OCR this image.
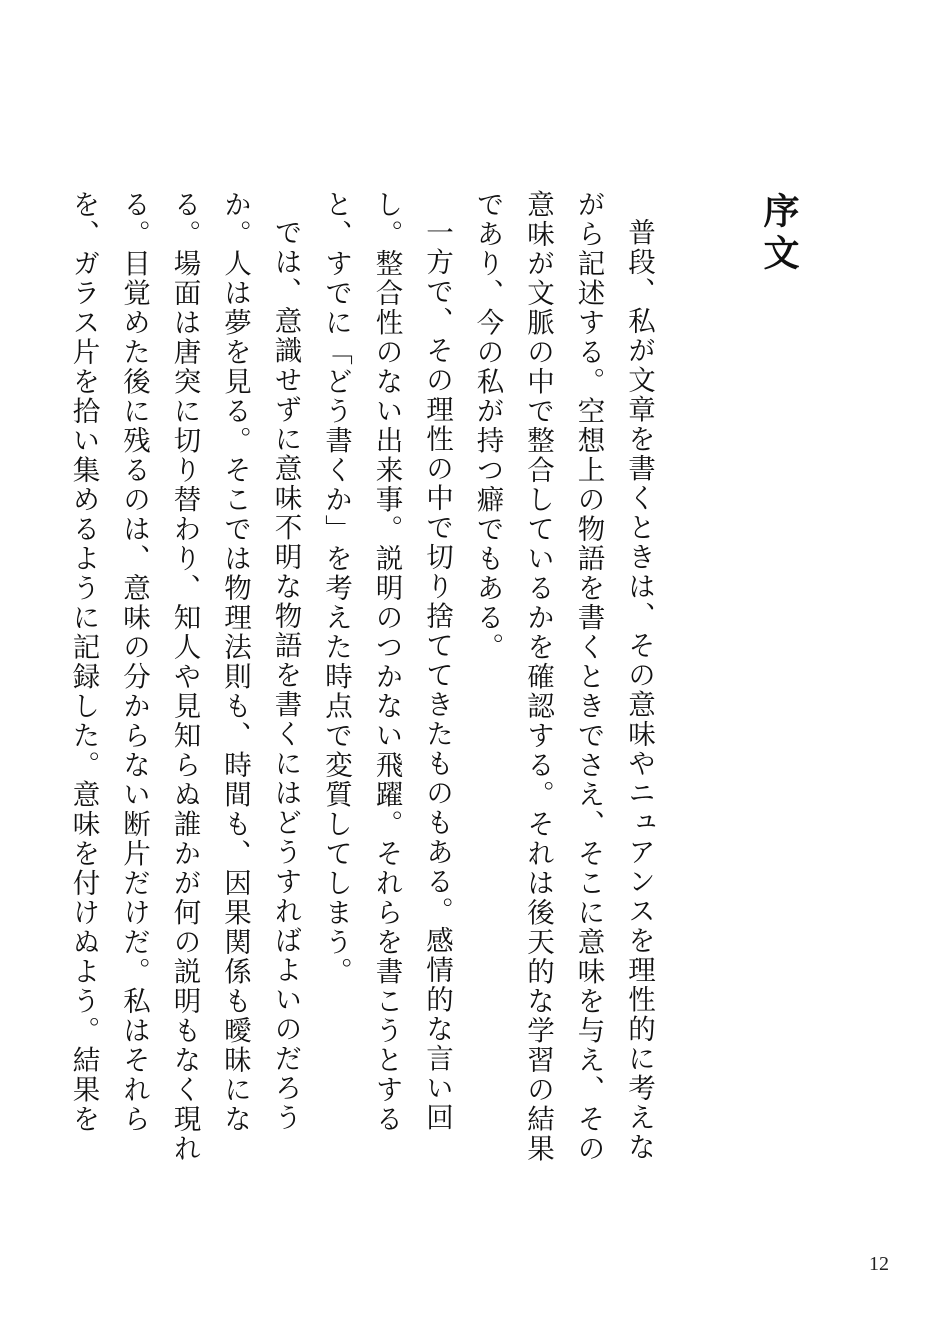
序文

普段、私が文章を書くときは、その意味やニュアンスを理性的に考えながら記述する。空想上の物語を書くときでさえ、そこに意味を与え、その意味が文脈の中で整合しているかを確認する。それは後天的な学習の結果であり、今の私が持つ癖でもある。

一方で、その理性の中で切り捨ててきたものもある。感情的な言い回し。整合性のない出来事。説明のつかない飛躍。それらを書こうとすると、すでに「どう書くか」を考えた時点で変質してしまう。

では、意識せずに意味不明な物語を書くにはどうすればよいのだろうか。人は夢を見る。そこでは物理法則も、時間も、因果関係も曖昧になる。場面は唐突に切り替わり、知人や見知らぬ誰かが何の説明もなく現れる。目覚めた後に残るのは、意味の分からない断片だけだ。私はそれらを、ガラス片を拾い集めるように記録した。意味を付けぬよう。結果を

12
